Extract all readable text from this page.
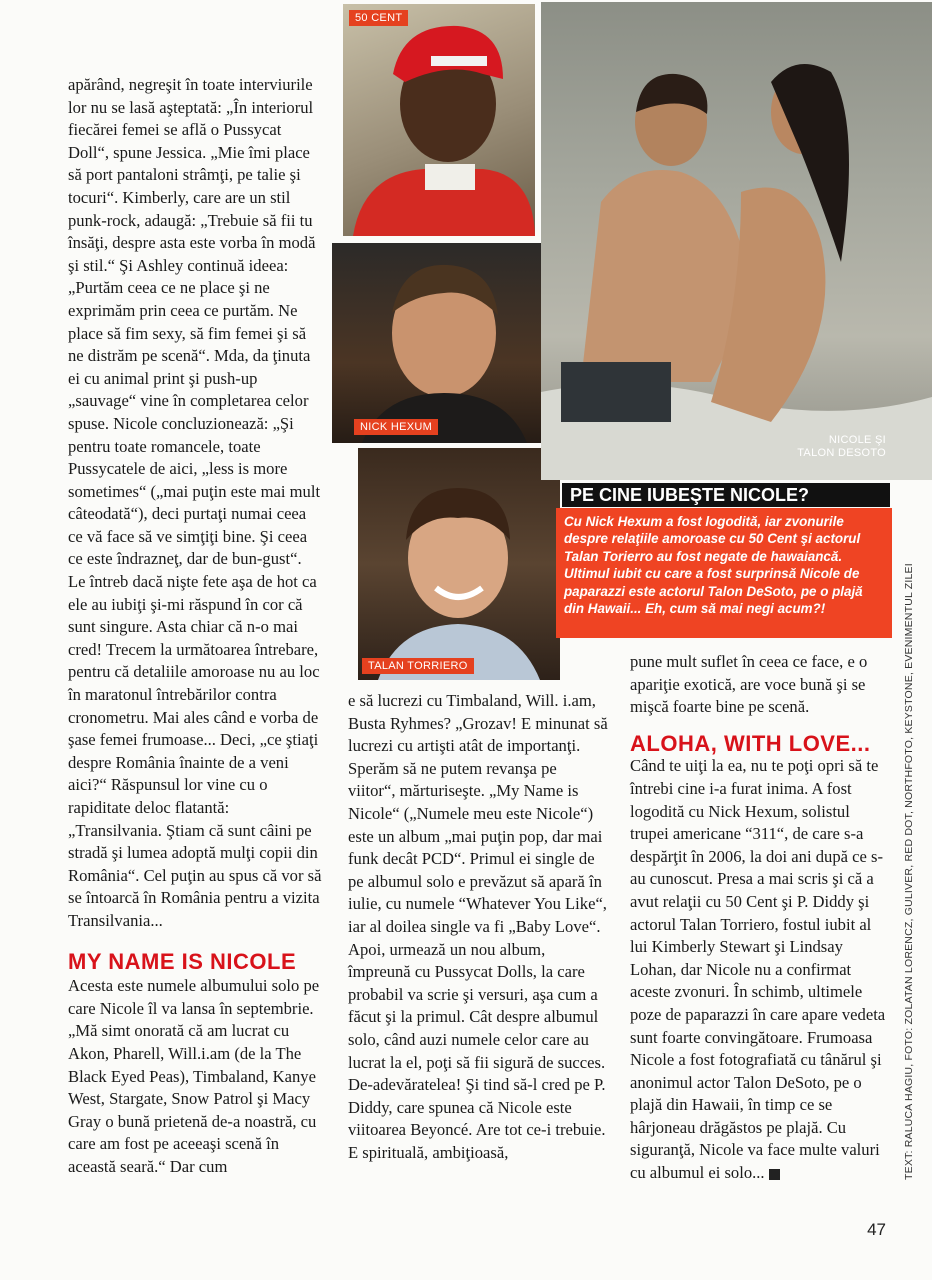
apărând, negreşit în toate interviurile lor nu se lasă aşteptată: „În interiorul fiecărei femei se află o Pussycat Doll“, spune Jessica. „Mie îmi place să port pantaloni strâmţi, pe talie şi tocuri“. Kimberly, care are un stil punk-rock, adaugă: „Trebuie să fii tu însăţi, despre asta este vorba în modă şi stil.“ Şi Ashley continuă ideea: „Purtăm ceea ce ne place şi ne exprimăm prin ceea ce purtăm. Ne place să fim sexy, să fim femei şi să ne distrăm pe scenă“. Mda, da ţinuta ei cu animal print şi push-up „sauvage“ vine în completarea celor spuse. Nicole concluzionează: „Şi pentru toate romancele, toate Pussycatele de aici, „less is more sometimes“ („mai puţin este mai mult câteodată“), deci purtaţi numai ceea ce vă face să ve simţiţi bine. Şi ceea ce este îndrazneţ, dar de bun-gust“. Le întreb dacă nişte fete aşa de hot ca ele au iubiţi şi-mi răspund în cor că sunt singure. Asta chiar că n-o mai cred! Trecem la următoarea întrebare, pentru că detaliile amoroase nu au loc în maratonul întrebărilor contra cronometru. Mai ales când e vorba de şase femei frumoase... Deci, „ce ştiaţi despre România înainte de a veni aici?“ Răspunsul lor vine cu o rapiditate deloc flatantă: „Transilvania. Ştiam că sunt câini pe stradă şi lumea adoptă mulţi copii din România“. Cel puţin au spus că vor să se întoarcă în România pentru a vizita Transilvania...

MY NAME IS NICOLE

Acesta este numele albumului solo pe care Nicole îl va lansa în septembrie. „Mă simt onorată că am lucrat cu Akon, Pharell, Will.i.am (de la The Black Eyed Peas), Timbaland, Kanye West, Stargate, Snow Patrol şi Macy Gray o bună prietenă de-a noastră, cu care am fost pe aceeaşi scenă în această seară.“ Dar cum

50 CENT
NICK HEXUM
TALAN TORRIERO
NICOLE ŞI
TALON DESOTO
PE CINE IUBEŞTE NICOLE?
Cu Nick Hexum a fost logodită, iar zvonurile despre relaţiile amoroase cu 50 Cent şi actorul Talan Torierro au fost negate de hawaiancă. Ultimul iubit cu care a fost surprinsă Nicole de paparazzi este actorul Talon DeSoto, pe o plajă din Hawaii... Eh, cum să mai negi acum?!

e să lucrezi cu Timbaland, Will. i.am, Busta Ryhmes? „Grozav! E minunat să lucrezi cu artişti atât de importanţi. Sperăm să ne putem revanşa pe viitor“, mărturiseşte. „My Name is Nicole“ („Numele meu este Nicole“) este un album „mai puţin pop, dar mai funk decât PCD“. Primul ei single de pe albumul solo e prevăzut să apară în iulie, cu numele “Whatever You Like“, iar al doilea single va fi „Baby Love“. Apoi, urmează un nou album, împreună cu Pussycat Dolls, la care probabil va scrie şi versuri, aşa cum a făcut şi la primul. Cât despre albumul solo, când auzi numele celor care au lucrat la el, poţi să fii sigură de succes. De-adevăratelea! Şi tind să-l cred pe P. Diddy, care spunea că Nicole este viitoarea Beyoncé. Are tot ce-i trebuie. E spirituală, ambiţioasă,

pune mult suflet în ceea ce face, e o apariţie exotică, are voce bună şi se mişcă foarte bine pe scenă.

ALOHA, WITH LOVE...

Când te uiţi la ea, nu te poţi opri să te întrebi cine i-a furat inima. A fost logodită cu Nick Hexum, solistul trupei americane “311“, de care s-a despărţit în 2006, la doi ani după ce s-au cunoscut. Presa a mai scris şi că a avut relaţii cu 50 Cent şi P. Diddy şi actorul Talan Torriero, fostul iubit al lui Kimberly Stewart şi Lindsay Lohan, dar Nicole nu a confirmat aceste zvonuri. În schimb, ultimele poze de paparazzi în care apare vedeta sunt foarte convingătoare. Frumoasa Nicole a fost fotografiată cu tânărul şi anonimul actor Talon DeSoto, pe o plajă din Hawaii, în timp ce se hârjoneau drăgăstos pe plajă. Cu siguranţă, Nicole va face multe valuri cu albumul ei solo...	TEXT: RALUCA HAGIU, FOTO: ZOLATAN LORENCZ, GULIVER, RED DOT, NORTHFOTO, KEYSTONE, EVENIMENTUL ZILEI
47
